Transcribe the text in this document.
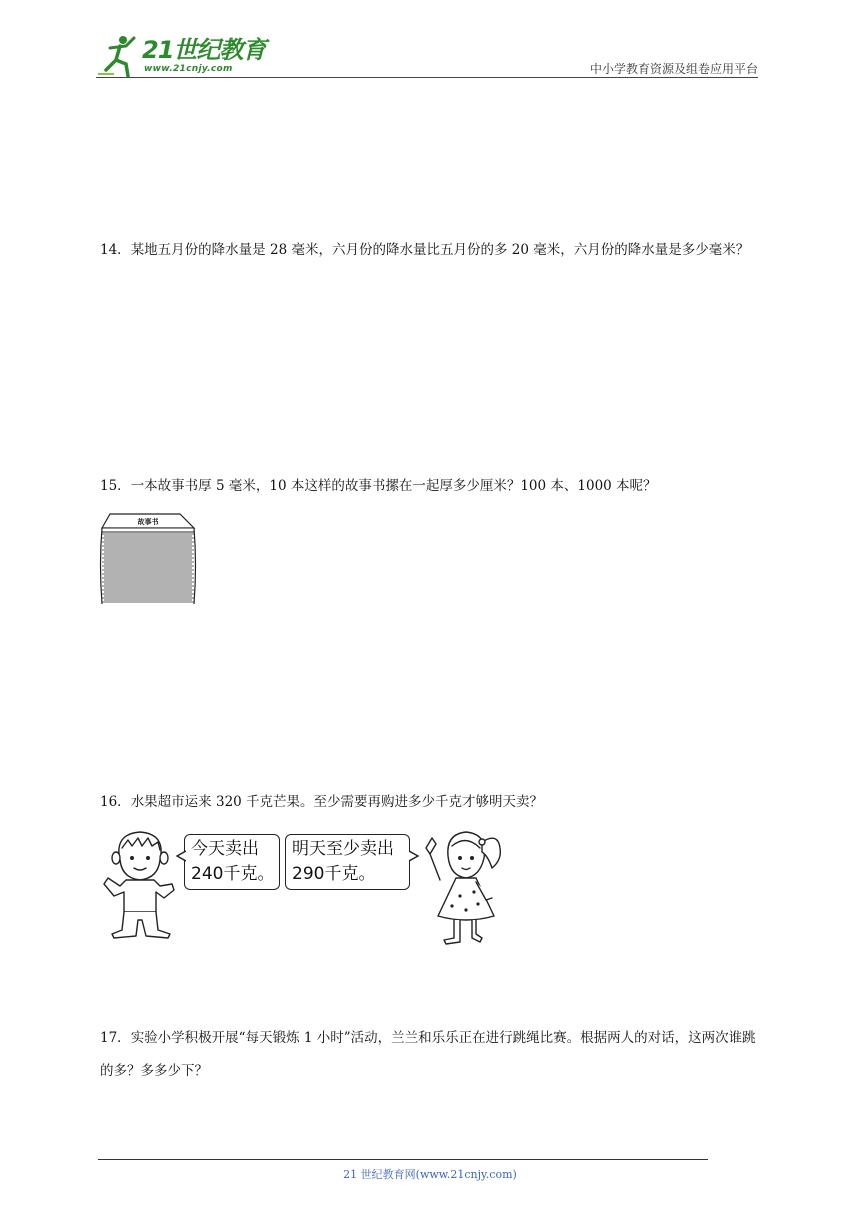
21世纪教育
www.21cnjy.com	中小学教育资源及组卷应用平台
14．某地五月份的降水量是 28 毫米，六月份的降水量比五月份的多 20 毫米，六月份的降水量是多少毫米？
15．一本故事书厚 5 毫米，10 本这样的故事书摞在一起厚多少厘米？100 本、1000 本呢？
故事书
16．水果超市运来 320 千克芒果。至少需要再购进多少千克才够明天卖？
今天卖出
240千克。
明天至少卖出
290千克。
17．实验小学积极开展“每天锻炼 1 小时”活动，兰兰和乐乐正在进行跳绳比赛。根据两人的对话，这两次谁跳的多？多多少下？
21 世纪教育网(www.21cnjy.com)
